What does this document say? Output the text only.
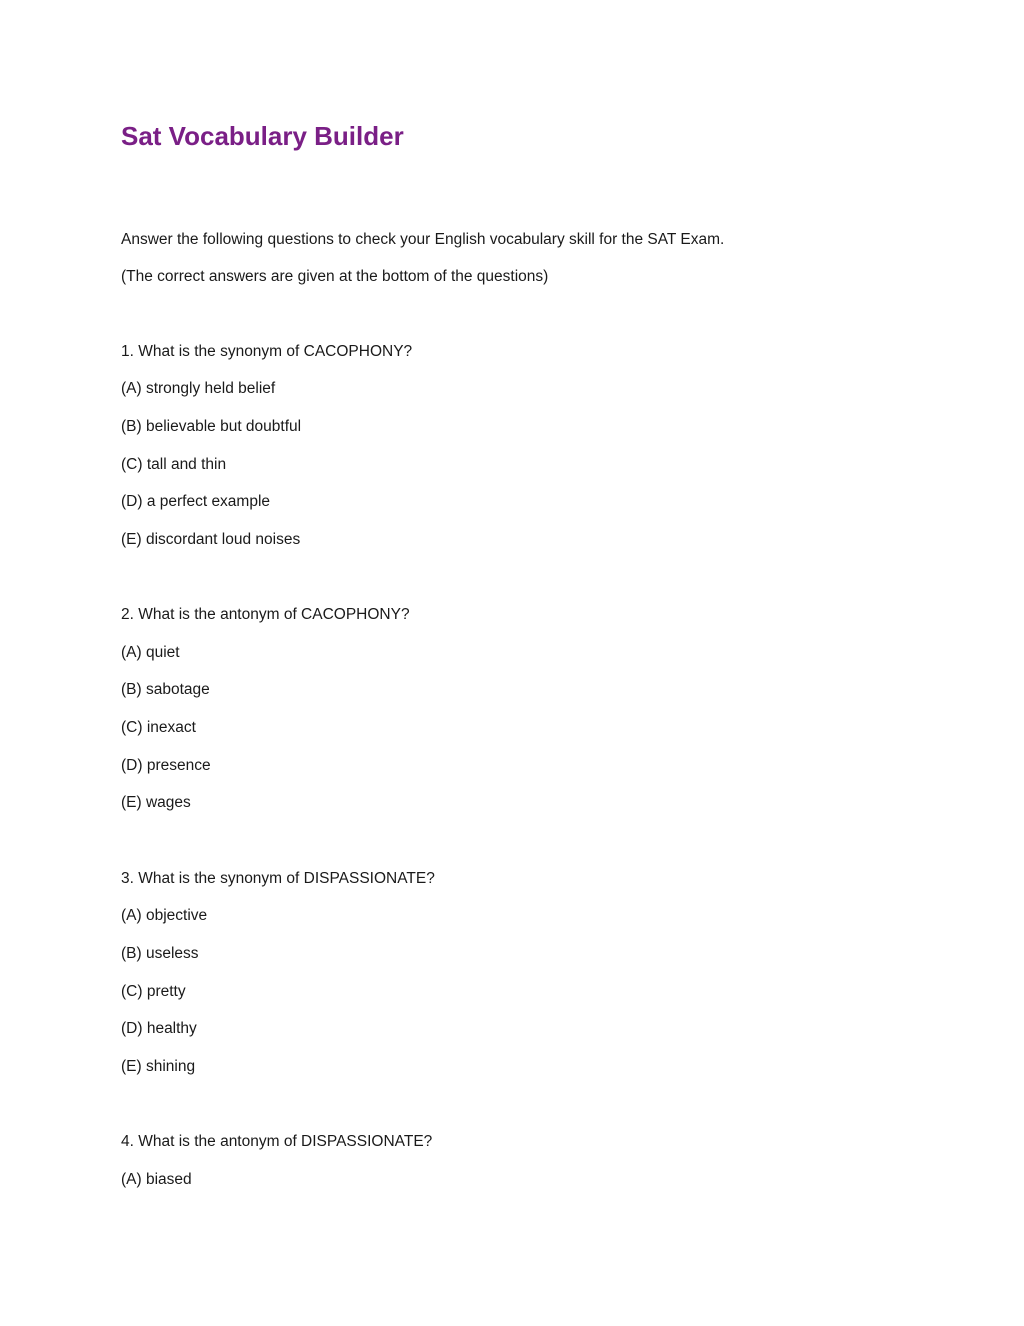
Sat Vocabulary Builder

Answer the following questions to check your English vocabulary skill for the SAT Exam.

(The correct answers are given at the bottom of the questions)

1. What is the synonym of CACOPHONY?

(A) strongly held belief

(B) believable but doubtful

(C) tall and thin

(D) a perfect example

(E) discordant loud noises

2. What is the antonym of CACOPHONY?

(A) quiet

(B) sabotage

(C) inexact

(D) presence

(E) wages

3. What is the synonym of DISPASSIONATE?

(A) objective

(B) useless

(C) pretty

(D) healthy

(E) shining

4. What is the antonym of DISPASSIONATE?

(A) biased
